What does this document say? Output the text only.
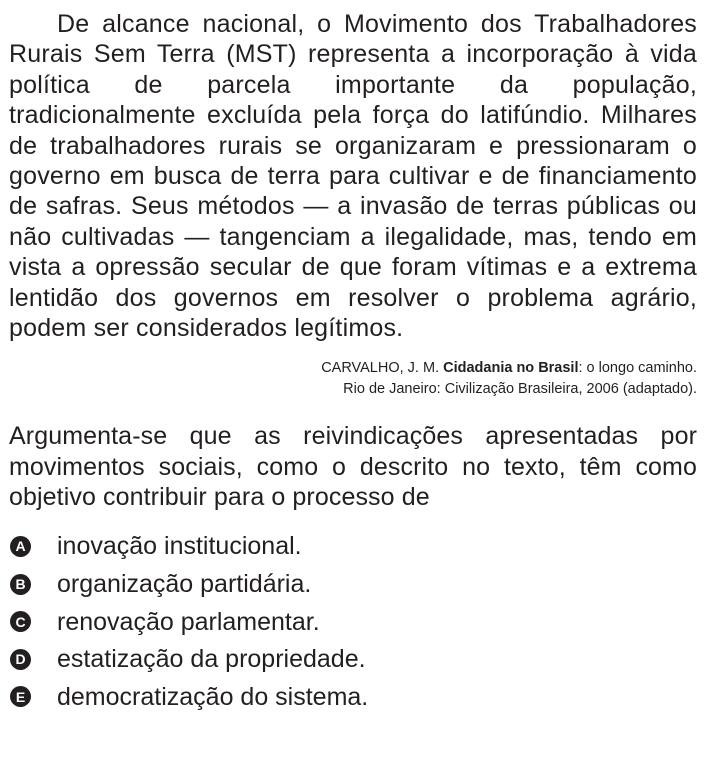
De alcance nacional, o Movimento dos Trabalhadores Rurais Sem Terra (MST) representa a incorporação à vida política de parcela importante da população, tradicionalmente excluída pela força do latifúndio. Milhares de trabalhadores rurais se organizaram e pressionaram o governo em busca de terra para cultivar e de financiamento de safras. Seus métodos — a invasão de terras públicas ou não cultivadas — tangenciam a ilegalidade, mas, tendo em vista a opressão secular de que foram vítimas e a extrema lentidão dos governos em resolver o problema agrário, podem ser considerados legítimos.

CARVALHO, J. M. Cidadania no Brasil: o longo caminho.
Rio de Janeiro: Civilização Brasileira, 2006 (adaptado).

Argumenta-se que as reivindicações apresentadas por movimentos sociais, como o descrito no texto, têm como objetivo contribuir para o processo de

A inovação institucional.
B organização partidária.
C renovação parlamentar.
D estatização da propriedade.
E democratização do sistema.
